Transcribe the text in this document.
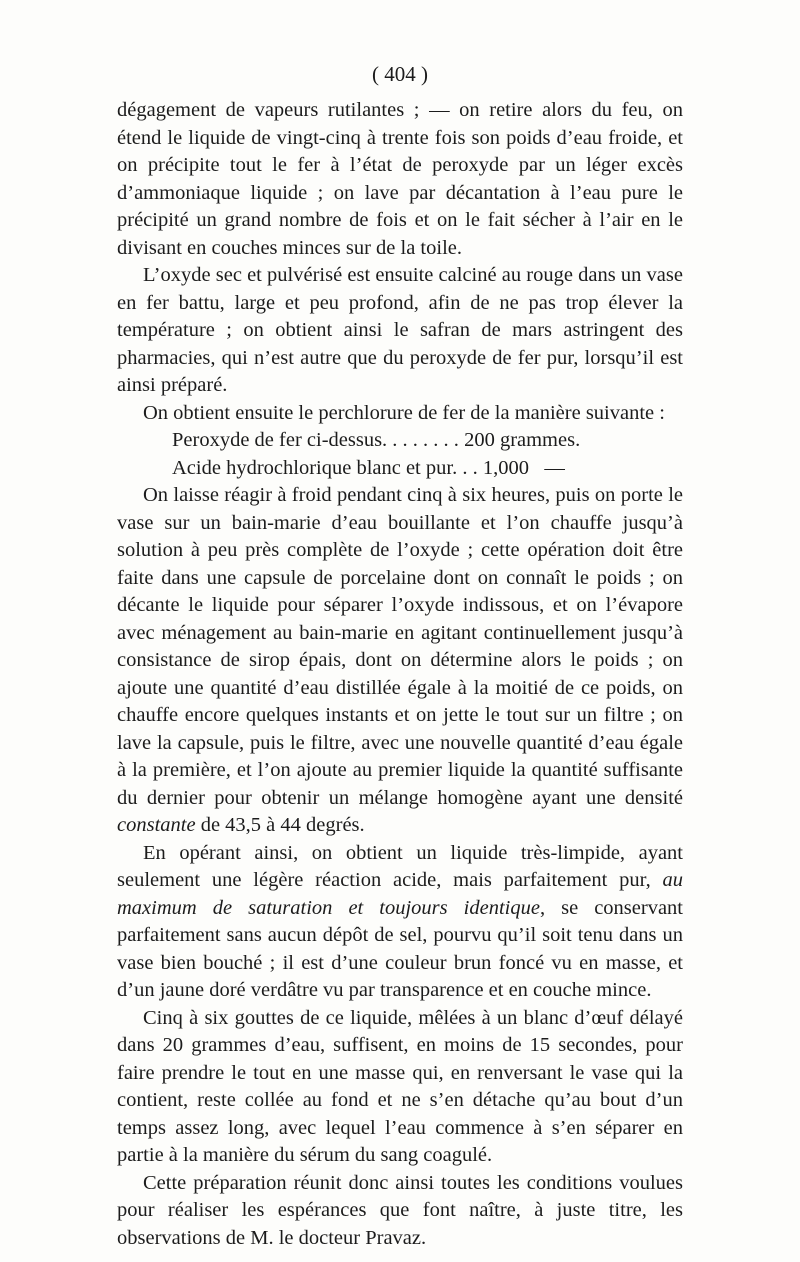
( 404 )

dégagement de vapeurs rutilantes ; — on retire alors du feu, on étend le liquide de vingt-cinq à trente fois son poids d’eau froide, et on précipite tout le fer à l’état de peroxyde par un léger excès d’ammoniaque liquide ; on lave par décantation à l’eau pure le précipité un grand nombre de fois et on le fait sécher à l’air en le divisant en couches minces sur de la toile.

L’oxyde sec et pulvérisé est ensuite calciné au rouge dans un vase en fer battu, large et peu profond, afin de ne pas trop élever la température ; on obtient ainsi le safran de mars astringent des pharmacies, qui n’est autre que du peroxyde de fer pur, lorsqu’il est ainsi préparé.

On obtient ensuite le perchlorure de fer de la manière suivante :

Peroxyde de fer ci-dessus. . . . . . . . 200 grammes.

Acide hydrochlorique blanc et pur. . . 1,000   —

On laisse réagir à froid pendant cinq à six heures, puis on porte le vase sur un bain-marie d’eau bouillante et l’on chauffe jusqu’à solution à peu près complète de l’oxyde ; cette opération doit être faite dans une capsule de porcelaine dont on connaît le poids ; on décante le liquide pour séparer l’oxyde indissous, et on l’évapore avec ménagement au bain-marie en agitant continuellement jusqu’à consistance de sirop épais, dont on détermine alors le poids ; on ajoute une quantité d’eau distillée égale à la moitié de ce poids, on chauffe encore quelques instants et on jette le tout sur un filtre ; on lave la capsule, puis le filtre, avec une nouvelle quantité d’eau égale à la première, et l’on ajoute au premier liquide la quantité suffisante du dernier pour obtenir un mélange homogène ayant une densité constante de 43,5 à 44 degrés.

En opérant ainsi, on obtient un liquide très-limpide, ayant seulement une légère réaction acide, mais parfaitement pur, au maximum de saturation et toujours identique, se conservant parfaitement sans aucun dépôt de sel, pourvu qu’il soit tenu dans un vase bien bouché ; il est d’une couleur brun foncé vu en masse, et d’un jaune doré verdâtre vu par transparence et en couche mince.

Cinq à six gouttes de ce liquide, mêlées à un blanc d’œuf délayé dans 20 grammes d’eau, suffisent, en moins de 15 secondes, pour faire prendre le tout en une masse qui, en renversant le vase qui la contient, reste collée au fond et ne s’en détache qu’au bout d’un temps assez long, avec lequel l’eau commence à s’en séparer en partie à la manière du sérum du sang coagulé.

Cette préparation réunit donc ainsi toutes les conditions voulues pour réaliser les espérances que font naître, à juste titre, les observations de M. le docteur Pravaz.
